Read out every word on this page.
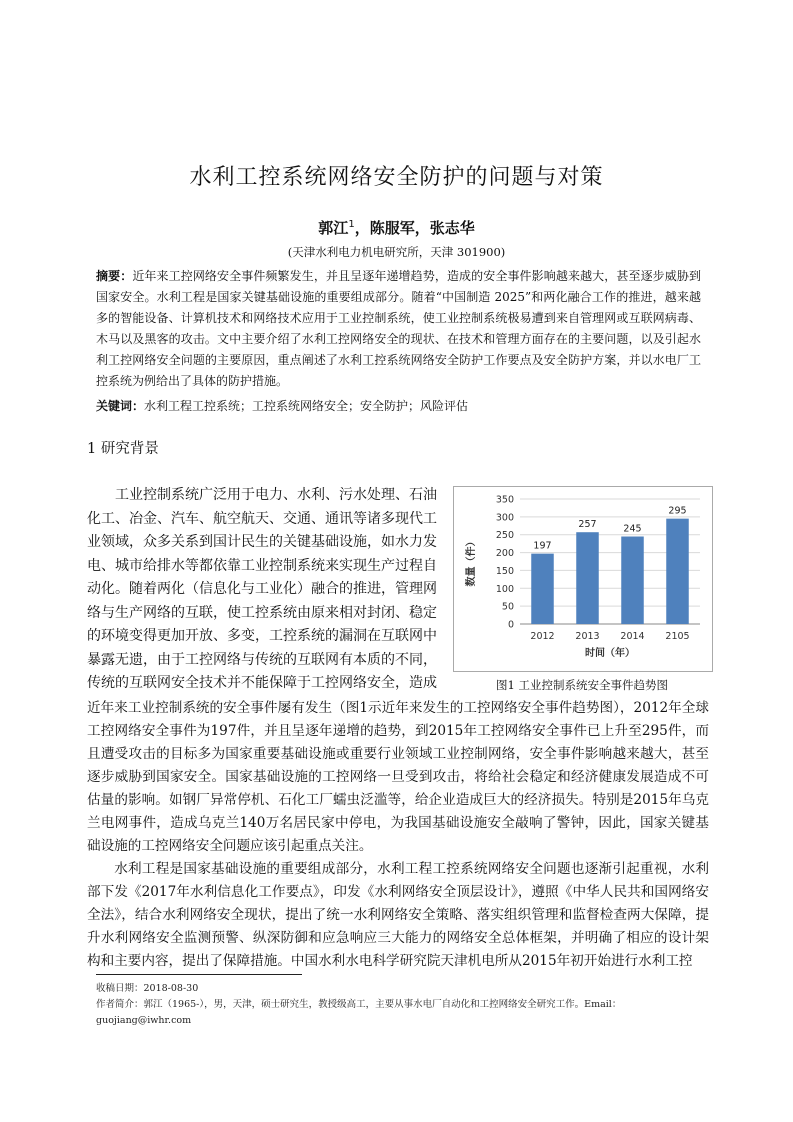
水利工控系统网络安全防护的问题与对策
郭江$^1$，陈服军，张志华
(天津水利电力机电研究所，天津 301900)
摘要：近年来工控网络安全事件频繁发生，并且呈逐年递增趋势，造成的安全事件影响越来越大，甚至逐步威胁到国家安全。水利工程是国家关键基础设施的重要组成部分。随着“中国制造 2025”和两化融合工作的推进，越来越多的智能设备、计算机技术和网络技术应用于工业控制系统，使工业控制系统极易遭到来自管理网或互联网病毒、木马以及黑客的攻击。文中主要介绍了水利工控网络安全的现状、在技术和管理方面存在的主要问题，以及引起水利工控网络安全问题的主要原因，重点阐述了水利工控系统网络安全防护工作要点及安全防护方案，并以水电厂工控系统为例给出了具体的防护措施。
关键词：水利工程工控系统；工控系统网络安全；安全防护；风险评估
1 研究背景

工业控制系统广泛用于电力、水利、污水处理、石油化工、冶金、汽车、航空航天、交通、通讯等诸多现代工业领域，众多关系到国计民生的关键基础设施，如水力发电、城市给排水等都依靠工业控制系统来实现生产过程自动化。随着两化（信息化与工业化）融合的推进，管理网络与生产网络的互联，使工控系统由原来相对封闭、稳定的环境变得更加开放、多变，工控系统的漏洞在互联网中暴露无遗，由于工控网络与传统的互联网有本质的不同，传统的互联网安全技术并不能保障于工控网络安全，造成

0
50
100
150
200
250
300
350
197
2012
257
2013
245
2014
295
2105
时间（年）
数量（件）
图1 工业控制系统安全事件趋势图

近年来工业控制系统的安全事件屡有发生（图1示近年来发生的工控网络安全事件趋势图），2012年全球工控网络安全事件为197件，并且呈逐年递增的趋势，到2015年工控网络安全事件已上升至295件，而且遭受攻击的目标多为国家重要基础设施或重要行业领域工业控制网络，安全事件影响越来越大，甚至逐步威胁到国家安全。国家基础设施的工控网络一旦受到攻击，将给社会稳定和经济健康发展造成不可估量的影响。如钢厂异常停机、石化工厂蠕虫泛滥等，给企业造成巨大的经济损失。特别是2015年乌克兰电网事件，造成乌克兰140万名居民家中停电，为我国基础设施安全敲响了警钟，因此，国家关键基础设施的工控网络安全问题应该引起重点关注。

水利工程是国家基础设施的重要组成部分，水利工程工控系统网络安全问题也逐渐引起重视，水利部下发《2017年水利信息化工作要点》，印发《水利网络安全顶层设计》，遵照《中华人民共和国网络安全法》，结合水利网络安全现状，提出了统一水利网络安全策略、落实组织管理和监督检查两大保障，提升水利网络安全监测预警、纵深防御和应急响应三大能力的网络安全总体框架，并明确了相应的设计架构和主要内容，提出了保障措施。中国水利水电科学研究院天津机电所从2015年初开始进行水利工控

收稿日期：2018-08-30
作者简介：郭江（1965-），男，天津，硕士研究生，教授级高工，主要从事水电厂自动化和工控网络安全研究工作。Email：guojiang@iwhr.com
